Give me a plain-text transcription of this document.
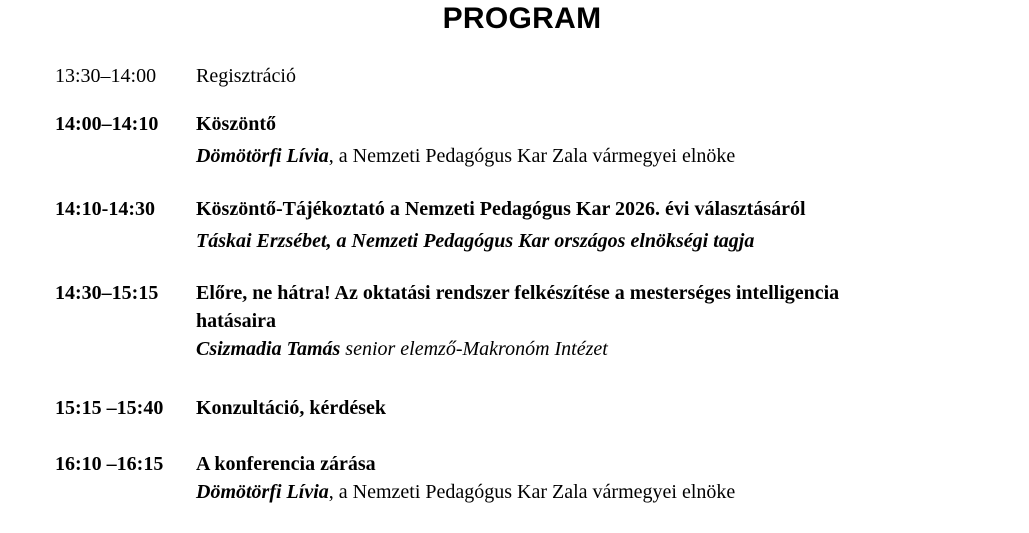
PROGRAM
13:30–14:00 Regisztráció
14:00–14:10 Köszöntő
Dömötörfi Lívia, a Nemzeti Pedagógus Kar Zala vármegyei elnöke
14:10-14:30 Köszöntő-Tájékoztató a Nemzeti Pedagógus Kar 2026. évi választásáról
Táskai Erzsébet, a Nemzeti Pedagógus Kar országos elnökségi tagja
14:30–15:15 Előre, ne hátra! Az oktatási rendszer felkészítése a mesterséges intelligencia hatásaira
Csizmadia Tamás senior elemző-Makronóm Intézet
15:15 –15:40 Konzultáció, kérdések
16:10 –16:15 A konferencia zárása
Dömötörfi Lívia, a Nemzeti Pedagógus Kar Zala vármegyei elnöke
